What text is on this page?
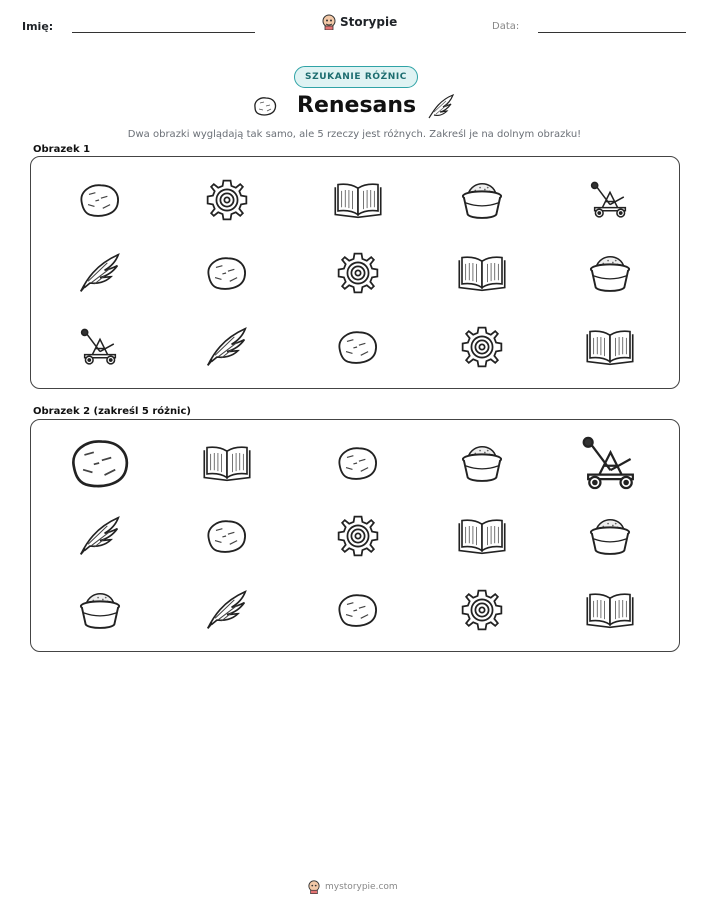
Imię:	Storypie	Data:
SZUKANIE RÓŻNIC
Renesans
Dwa obrazki wyglądają tak samo, ale 5 rzeczy jest różnych. Zakreśl je na dolnym obrazku!
Obrazek 1
Obrazek 2 (zakreśl 5 różnic)
mystorypie.com
